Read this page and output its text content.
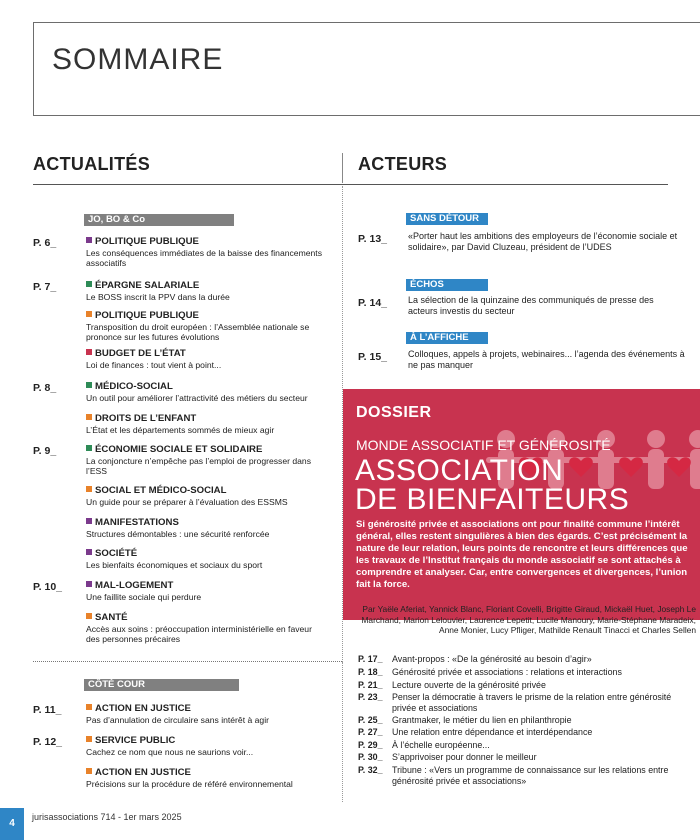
SOMMAIRE
ACTUALITÉS	ACTEURS
JO, BO & Co
P. 6_	POLITIQUE PUBLIQUE
Les conséquences immédiates de la baisse des financements associatifs
P. 7_	ÉPARGNE SALARIALE
Le BOSS inscrit la PPV dans la durée
POLITIQUE PUBLIQUE
Transposition du droit européen : l’Assemblée nationale se prononce sur les futures évolutions
BUDGET DE L’ÉTAT
Loi de finances : tout vient à point...
P. 8_	MÉDICO-SOCIAL
Un outil pour améliorer l’attractivité des métiers du secteur
DROITS DE L’ENFANT
L’État et les départements sommés de mieux agir
P. 9_	ÉCONOMIE SOCIALE ET SOLIDAIRE
La conjoncture n’empêche pas l’emploi de progresser dans l’ESS
SOCIAL ET MÉDICO-SOCIAL
Un guide pour se préparer à l’évaluation des ESSMS
MANIFESTATIONS
Structures démontables : une sécurité renforcée
SOCIÉTÉ
Les bienfaits économiques et sociaux du sport
P. 10_	MAL-LOGEMENT
Une faillite sociale qui perdure
SANTÉ
Accès aux soins : préoccupation interministérielle en faveur des personnes précaires
P. 11_	ACTION EN JUSTICE
Pas d’annulation de circulaire sans intérêt à agir
P. 12_	SERVICE PUBLIC
Cachez ce nom que nous ne saurions voir...
ACTION EN JUSTICE
Précisions sur la procédure de référé environnemental
CÔTÉ COUR
SANS DÉTOUR
P. 13_ «Porter haut les ambitions des employeurs de l’économie sociale et solidaire», par David Cluzeau, président de l’UDES
ÉCHOS
P. 14_ La sélection de la quinzaine des communiqués de presse des acteurs investis du secteur
À L’AFFICHE
P. 15_ Colloques, appels à projets, webinaires... l’agenda des événements à ne pas manquer
DOSSIER
MONDE ASSOCIATIF ET GÉNÉROSITÉ
ASSOCIATION
DE BIENFAITEURS
Si générosité privée et associations ont pour finalité commune l’intérêt général, elles restent singulières à bien des égards. C’est précisément la nature de leur relation, leurs points de rencontre et leurs différences que les travaux de l’Institut français du monde associatif se sont attachés à comprendre et analyser. Car, entre convergences et divergences, l’union fait la force.
Par Yaële Aferiat, Yannick Blanc, Floriant Covelli, Brigitte Giraud, Mickaël Huet, Joseph Le Marchand, Marion Lelouvier, Laurence Lepetit, Lucile Manoury, Marie-Stéphane Maradeix, Anne Monier, Lucy Pfliger, Mathilde Renault Tinacci et Charles Sellen
P. 17_	Avant-propos : «De la générosité au besoin d’agir»
P. 18_	Générosité privée et associations : relations et interactions
P. 21_	Lecture ouverte de la générosité privée
P. 23_	Penser la démocratie à travers le prisme de la relation entre générosité privée et associations
P. 25_	Grantmaker, le métier du lien en philanthropie
P. 27_	Une relation entre dépendance et interdépendance
P. 29_	À l’échelle européenne...
P. 30_	S’apprivoiser pour donner le meilleur
P. 32_	Tribune : «Vers un programme de connaissance sur les relations entre générosité privée et associations»
4
jurisassociations 714 - 1er mars 2025
